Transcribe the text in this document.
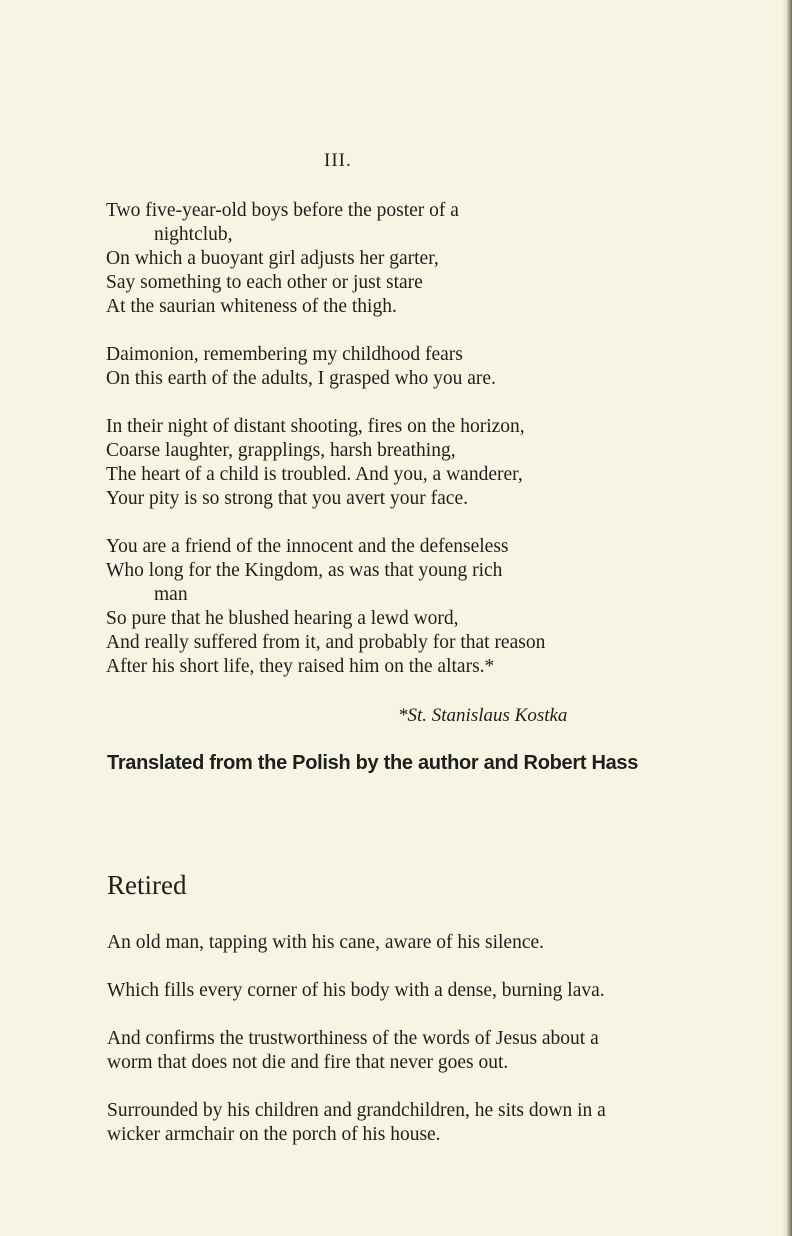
III.
Two five-year-old boys before the poster of a
nightclub,
On which a buoyant girl adjusts her garter,
Say something to each other or just stare
At the saurian whiteness of the thigh.
Daimonion, remembering my childhood fears
On this earth of the adults, I grasped who you are.
In their night of distant shooting, fires on the horizon,
Coarse laughter, grapplings, harsh breathing,
The heart of a child is troubled. And you, a wanderer,
Your pity is so strong that you avert your face.
You are a friend of the innocent and the defenseless
Who long for the Kingdom, as was that young rich
man
So pure that he blushed hearing a lewd word,
And really suffered from it, and probably for that reason
After his short life, they raised him on the altars.*
*St. Stanislaus Kostka
Translated from the Polish by the author and Robert Hass
Retired
An old man, tapping with his cane, aware of his silence.
Which fills every corner of his body with a dense, burning lava.
And confirms the trustworthiness of the words of Jesus about a
worm that does not die and fire that never goes out.
Surrounded by his children and grandchildren, he sits down in a
wicker armchair on the porch of his house.
